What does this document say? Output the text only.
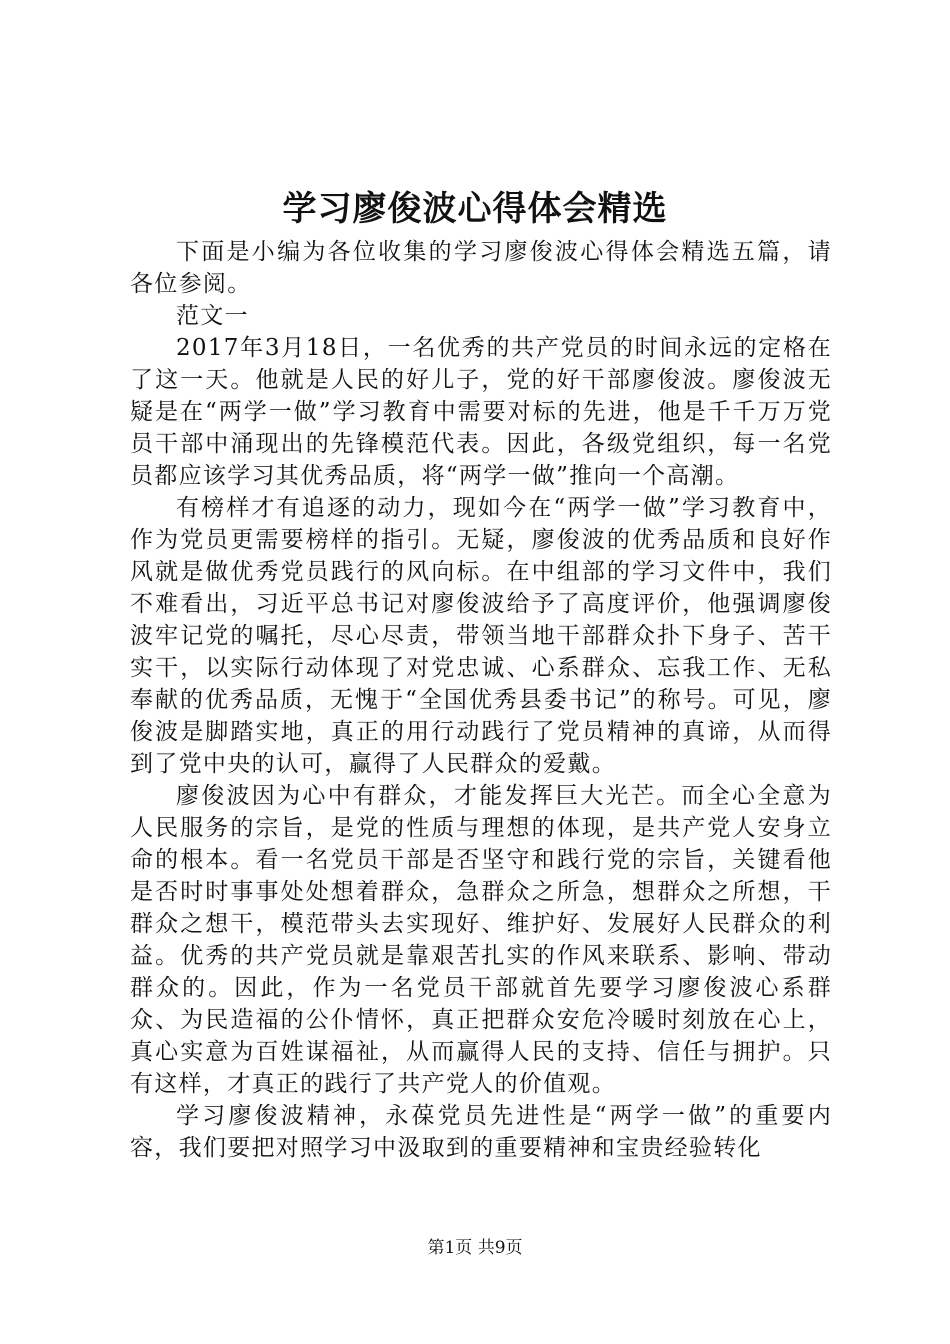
学习廖俊波心得体会精选

下面是小编为各位收集的学习廖俊波心得体会精选五篇，请各位参阅。

范文一

2017年3月18日，一名优秀的共产党员的时间永远的定格在了这一天。他就是人民的好儿子，党的好干部廖俊波。廖俊波无疑是在“两学一做”学习教育中需要对标的先进，他是千千万万党员干部中涌现出的先锋模范代表。因此，各级党组织，每一名党员都应该学习其优秀品质，将“两学一做”推向一个高潮。

有榜样才有追逐的动力，现如今在“两学一做”学习教育中，作为党员更需要榜样的指引。无疑，廖俊波的优秀品质和良好作风就是做优秀党员践行的风向标。在中组部的学习文件中，我们不难看出，习近平总书记对廖俊波给予了高度评价，他强调廖俊波牢记党的嘱托，尽心尽责，带领当地干部群众扑下身子、苦干实干，以实际行动体现了对党忠诚、心系群众、忘我工作、无私奉献的优秀品质，无愧于“全国优秀县委书记”的称号。可见，廖俊波是脚踏实地，真正的用行动践行了党员精神的真谛，从而得到了党中央的认可，赢得了人民群众的爱戴。

廖俊波因为心中有群众，才能发挥巨大光芒。而全心全意为人民服务的宗旨，是党的性质与理想的体现，是共产党人安身立命的根本。看一名党员干部是否坚守和践行党的宗旨，关键看他是否时时事事处处想着群众，急群众之所急，想群众之所想，干群众之想干，模范带头去实现好、维护好、发展好人民群众的利益。优秀的共产党员就是靠艰苦扎实的作风来联系、影响、带动群众的。因此，作为一名党员干部就首先要学习廖俊波心系群众、为民造福的公仆情怀，真正把群众安危冷暖时刻放在心上，真心实意为百姓谋福祉，从而赢得人民的支持、信任与拥护。只有这样，才真正的践行了共产党人的价值观。

学习廖俊波精神，永葆党员先进性是“两学一做”的重要内容，我们要把对照学习中汲取到的重要精神和宝贵经验转化

第1页 共9页
